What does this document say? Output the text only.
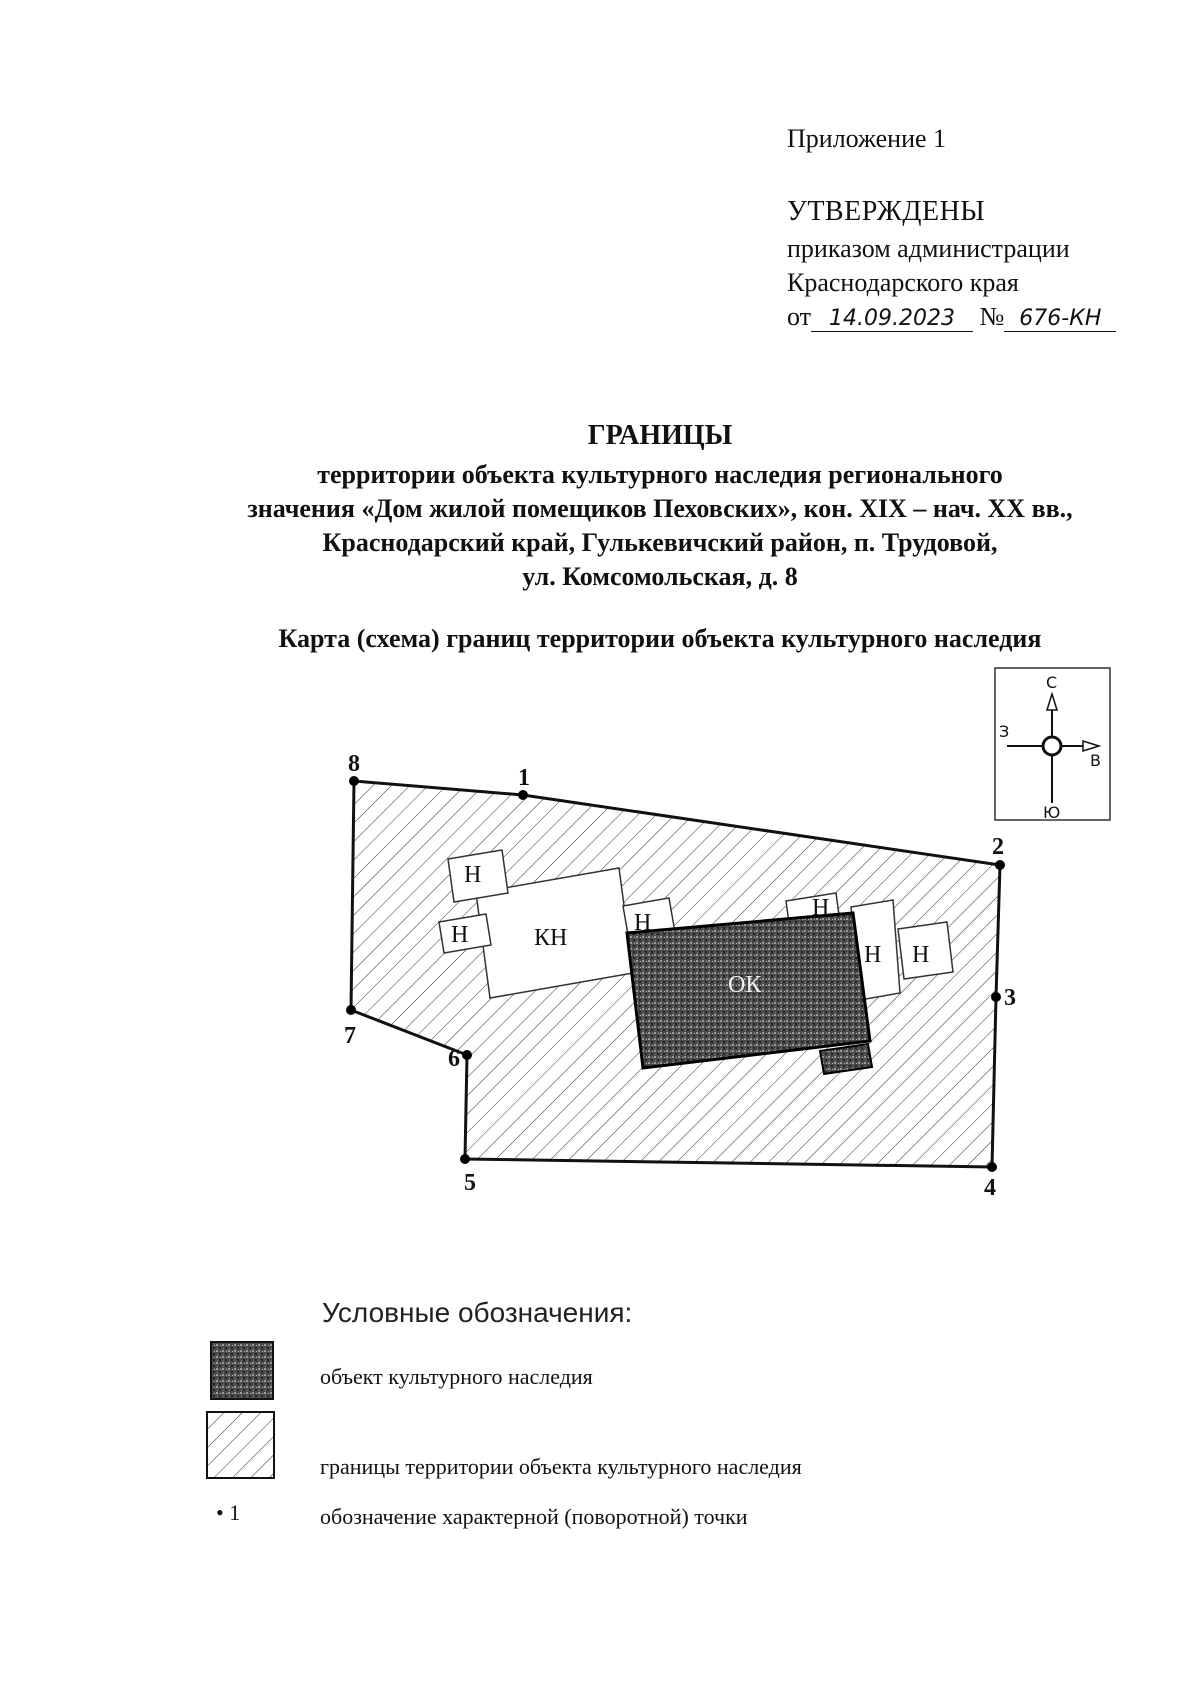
Приложение 1
УТВЕРЖДЕНЫ
приказом администрации
Краснодарского края
от 14.09.2023 № 676-КН
ГРАНИЦЫ
территории объекта культурного наследия регионального
значения «Дом жилой помещиков Пеховских», кон. XIX – нач. XX вв.,
Краснодарский край, Гулькевичский район, п. Трудовой,
ул. Комсомольская, д. 8
Карта (схема) границ территории объекта культурного наследия
КН
ОК
Н
Н	Н
Н
Н Н
1
2
3
4
5
6
7
8
С
В
З
Ю
Условные обозначения:
объект культурного наследия
границы территории объекта культурного наследия
• 1	обозначение характерной (поворотной) точки
